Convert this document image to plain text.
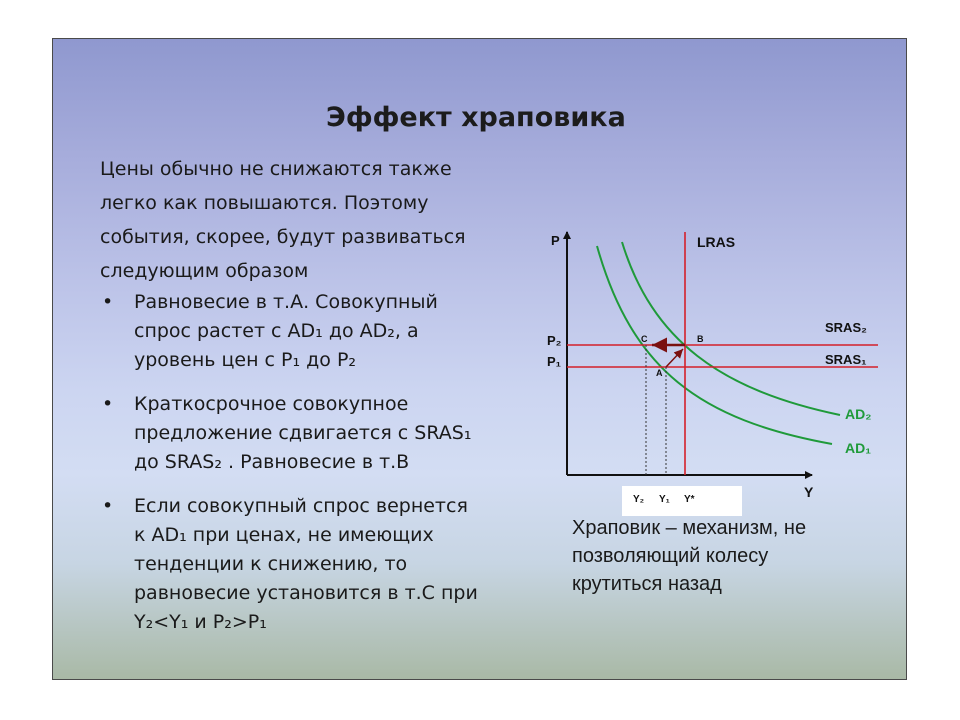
Эффект храповика
Цены обычно не снижаются также
легко как повышаются. Поэтому
события, скорее, будут развиваться
следующим образом
• Равновесие в т.А. Совокупный
спрос растет с AD₁ до AD₂, а
уровень цен с P₁ до P₂
• Краткосрочное совокупное
предложение сдвигается с SRAS₁
до SRAS₂ . Равновесие в т.В
• Если совокупный спрос вернется
к AD₁ при ценах, не имеющих
тенденции к снижению, то
равновесие установится в т.С при
Y₂<Y₁ и P₂>P₁
P
Y
LRAS
SRAS₂
SRAS₁
AD₂
AD₁
P₂
P₁
C	B
A
Y₂ Y₁ Y*
Храповик – механизм, не
позволяющий колесу
крутиться назад
